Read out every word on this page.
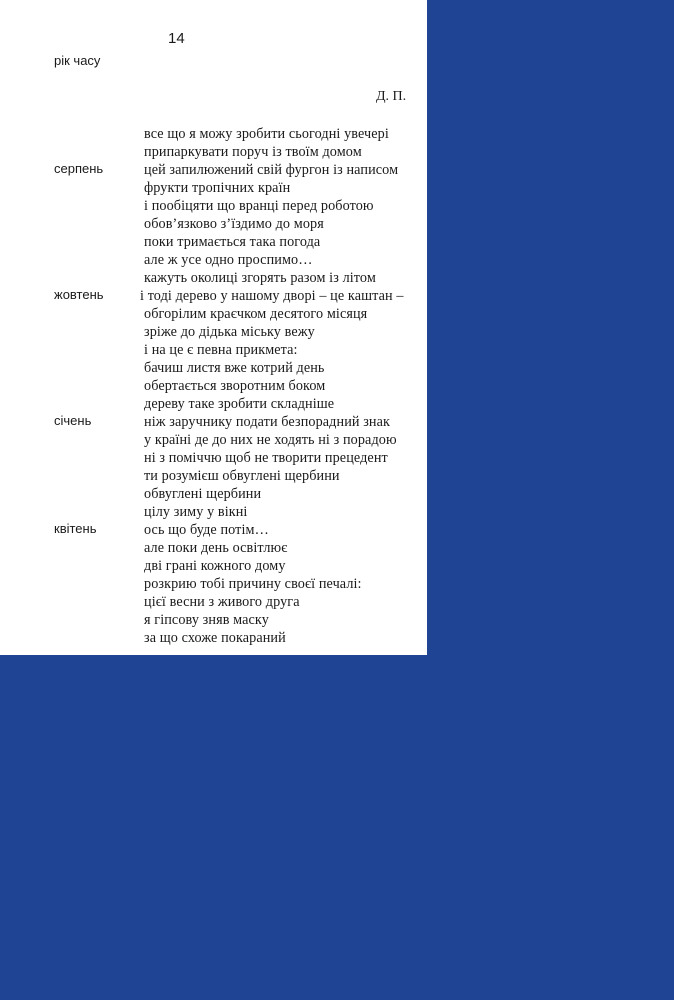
14
рік часу
Д. П.
серпень
жовтень
січень
квітень
все що я можу зробити сьогодні увечері
припаркувати поруч із твоїм домом
цей запилюжений свій фургон із написом
фрукти тропічних країн
і пообіцяти що вранці перед роботою
обов’язково з’їздимо до моря
поки тримається така погода
але ж усе одно проспимо…
кажуть околиці згорять разом із літом
і тоді дерево у нашому дворі – це каштан –
обгорілим краєчком десятого місяця
зріже до дідька міську вежу
і на це є певна прикмета:
бачиш листя вже котрий день
обертається зворотним боком
дереву таке зробити складніше
ніж заручнику подати безпорадний знак
у країні де до них не ходять ні з порадою
ні з поміччю щоб не творити прецедент
ти розумієш обвуглені щербини
обвуглені щербини
цілу зиму у вікні
ось що буде потім…
але поки день освітлює
дві грані кожного дому
розкрию тобі причину своєї печалі:
цієї весни з живого друга
я гіпсову зняв маску
за що схоже покараний
